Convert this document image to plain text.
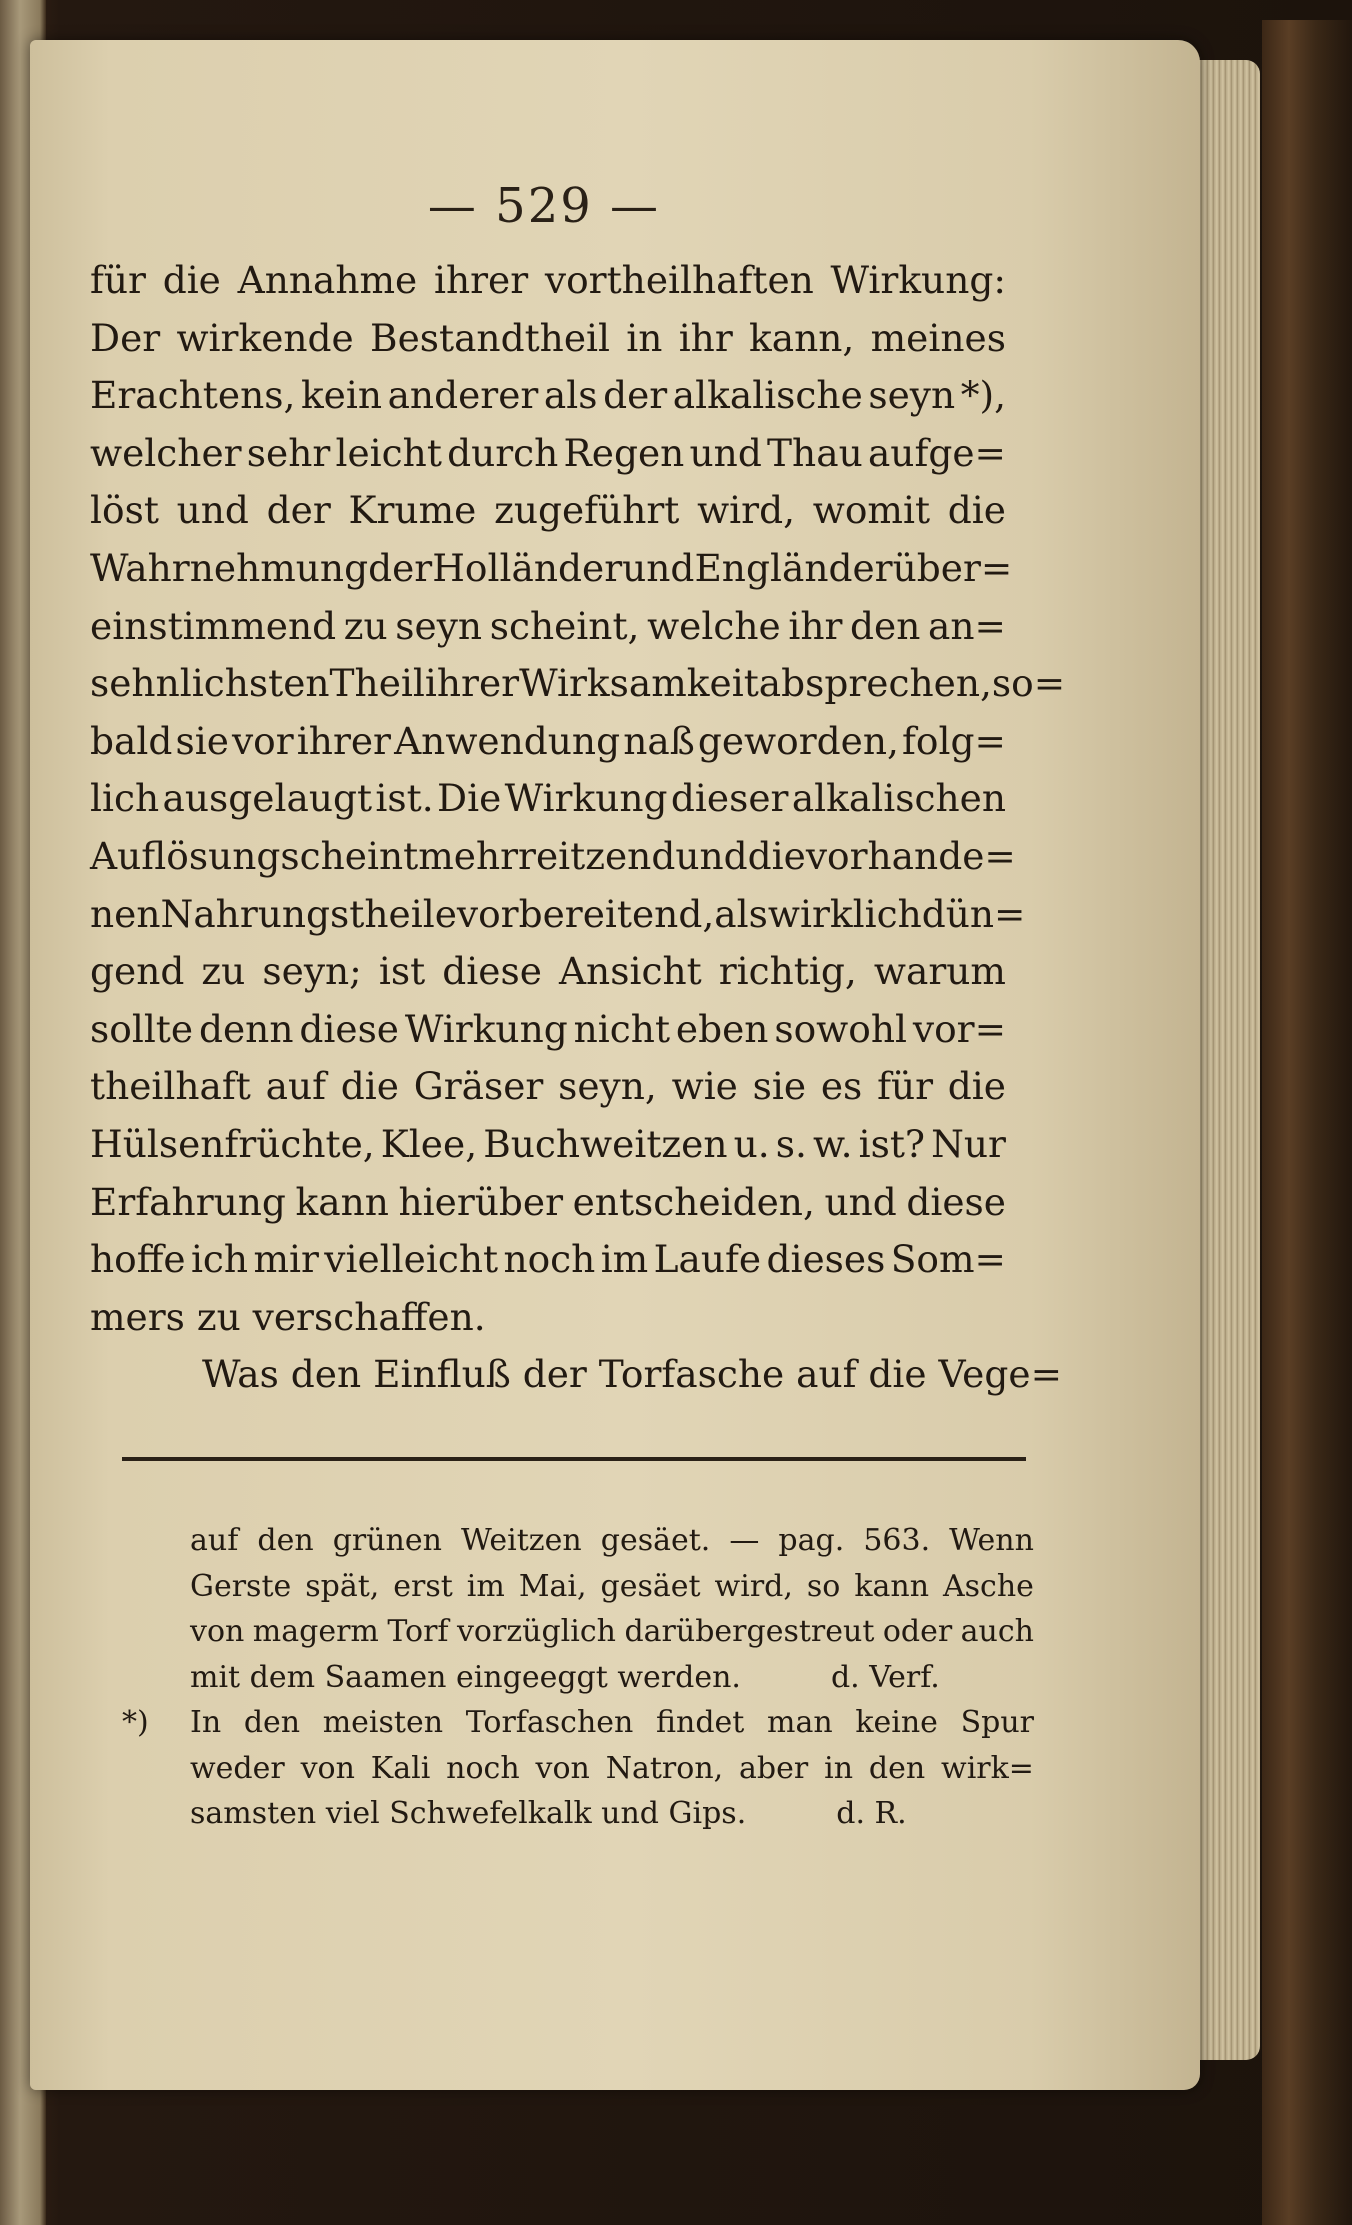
— 529 —
für die Annahme ihrer vortheilhaften Wirkung:
Der wirkende Bestandtheil in ihr kann, meines
Erachtens, kein anderer als der alkalische seyn *),
welcher sehr leicht durch Regen und Thau aufge=
löst und der Krume zugeführt wird, womit die
Wahrnehmung der Holländer und Engländer über=
einstimmend zu seyn scheint, welche ihr den an=
sehnlichsten Theil ihrer Wirksamkeit absprechen, so=
bald sie vor ihrer Anwendung naß geworden, folg=
lich ausgelaugt ist. Die Wirkung dieser alkalischen
Auflösung scheint mehr reitzend und die vorhande=
nen Nahrungstheile vorbereitend, als wirklich dün=
gend zu seyn; ist diese Ansicht richtig, warum
sollte denn diese Wirkung nicht eben sowohl vor=
theilhaft auf die Gräser seyn, wie sie es für die
Hülsenfrüchte, Klee, Buchweitzen u. s. w. ist? Nur
Erfahrung kann hierüber entscheiden, und diese
hoffe ich mir vielleicht noch im Laufe dieses Som=
mers zu verschaffen.
Was den Einfluß der Torfasche auf die Vege=
auf den grünen Weitzen gesäet. — pag. 563. Wenn
Gerste spät, erst im Mai, gesäet wird, so kann Asche
von magerm Torf vorzüglich darübergestreut oder auch
mit dem Saamen eingeeggt werden.	d. Verf.
*) In den meisten Torfaschen findet man keine Spur
weder von Kali noch von Natron, aber in den wirk=
samsten viel Schwefelkalk und Gips.	d. R.
